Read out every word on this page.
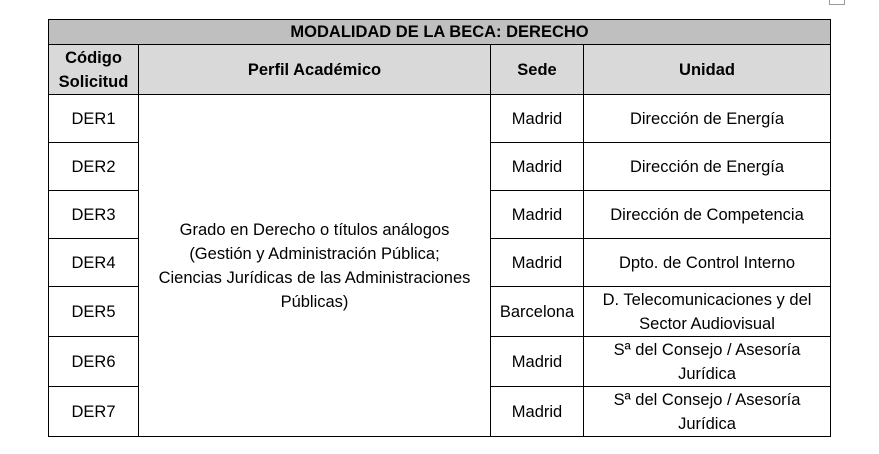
MODALIDAD DE LA BECA: DERECHO			
Código
Solicitud	Perfil Académico	Sede	Unidad
DER1	Grado en Derecho o títulos análogos
(Gestión y Administración Pública;
Ciencias Jurídicas de las Administraciones
Públicas)	Madrid	Dirección de Energía
DER2		Madrid	Dirección de Energía
DER3		Madrid	Dirección de Competencia
DER4		Madrid	Dpto. de Control Interno
DER5		Barcelona	D. Telecomunicaciones y del
Sector Audiovisual
DER6		Madrid	Sª del Consejo / Asesoría
Jurídica
DER7		Madrid	Sª del Consejo / Asesoría
Jurídica
